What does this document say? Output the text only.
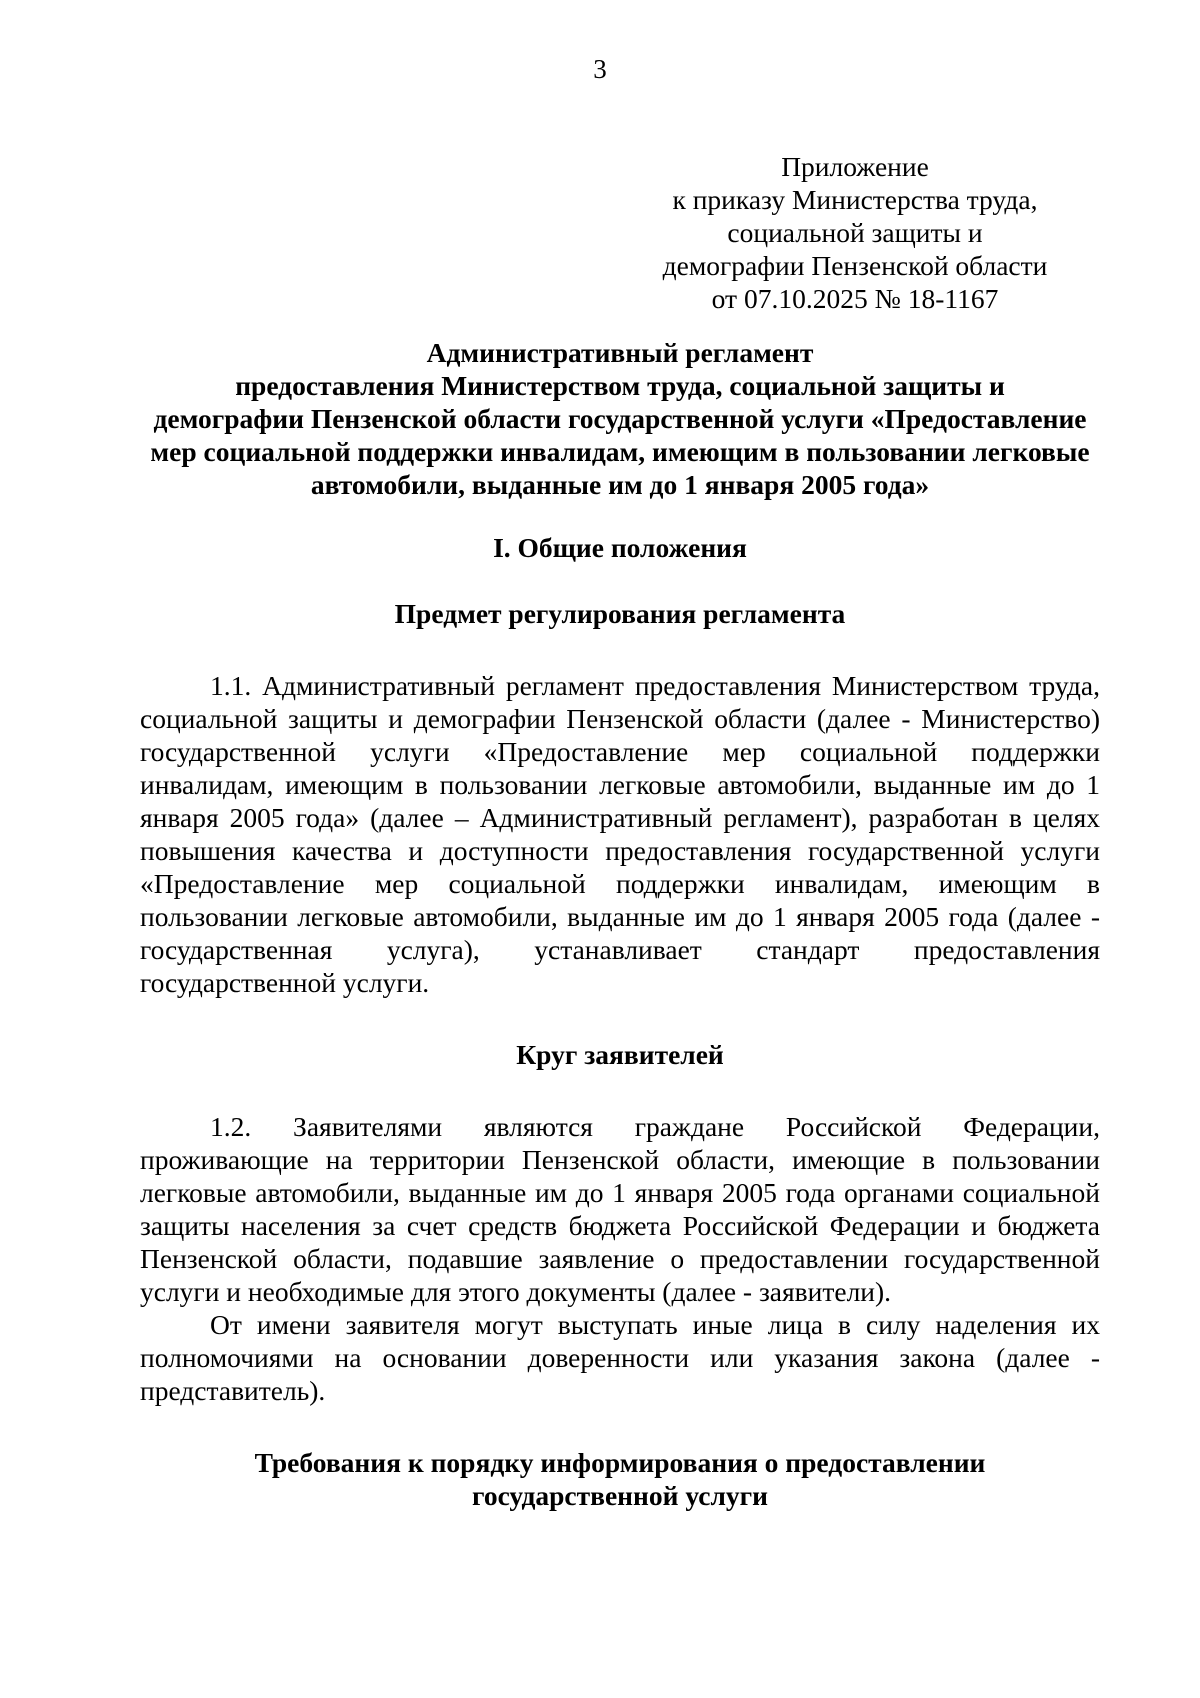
3
Приложение
к приказу Министерства труда,
социальной защиты и
демографии Пензенской области
от 07.10.2025 № 18-1167
Административный регламент
предоставления Министерством труда, социальной защиты и
демографии Пензенской области государственной услуги «Предоставление
мер социальной поддержки инвалидам, имеющим в пользовании легковые
автомобили, выданные им до 1 января 2005 года»
I. Общие положения
Предмет регулирования регламента

1.1. Административный регламент предоставления Министерством труда, социальной защиты и демографии Пензенской области (далее - Министерство) государственной услуги «Предоставление мер социальной поддержки инвалидам, имеющим в пользовании легковые автомобили, выданные им до 1 января 2005 года» (далее – Административный регламент), разработан в целях повышения качества и доступности предоставления государственной услуги «Предоставление мер социальной поддержки инвалидам, имеющим в пользовании легковые автомобили, выданные им до 1 января 2005 года (далее - государственная услуга), устанавливает стандарт предоставления государственной услуги.

Круг заявителей

1.2. Заявителями являются граждане Российской Федерации, проживающие на территории Пензенской области, имеющие в пользовании легковые автомобили, выданные им до 1 января 2005 года органами социальной защиты населения за счет средств бюджета Российской Федерации и бюджета Пензенской области, подавшие заявление о предоставлении государственной услуги и необходимые для этого документы (далее - заявители).

От имени заявителя могут выступать иные лица в силу наделения их полномочиями на основании доверенности или указания закона (далее - представитель).

Требования к порядку информирования о предоставлении
государственной услуги
